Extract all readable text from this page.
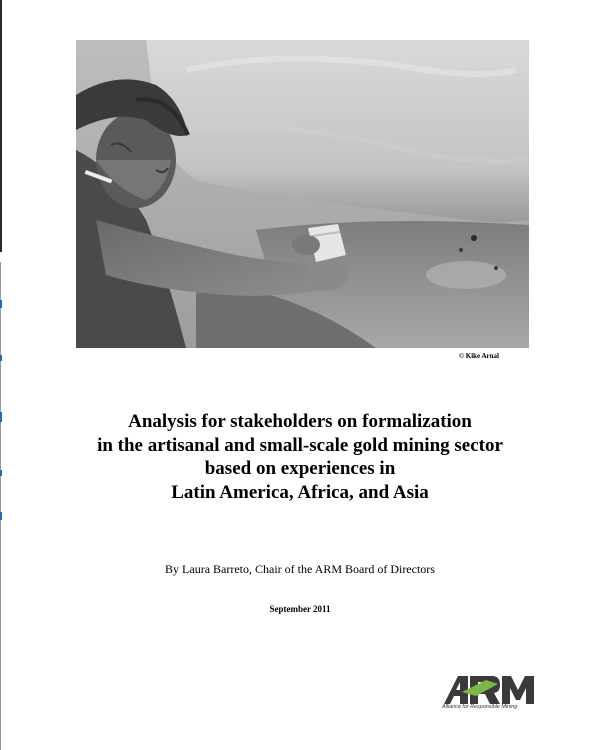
© Kike Arnal
Analysis for stakeholders on formalization
in the artisanal and small-scale gold mining sector
based on experiences in
Latin America, Africa, and Asia
By Laura Barreto, Chair of the ARM Board of Directors
September 2011
Alliance for Responsible Mining
